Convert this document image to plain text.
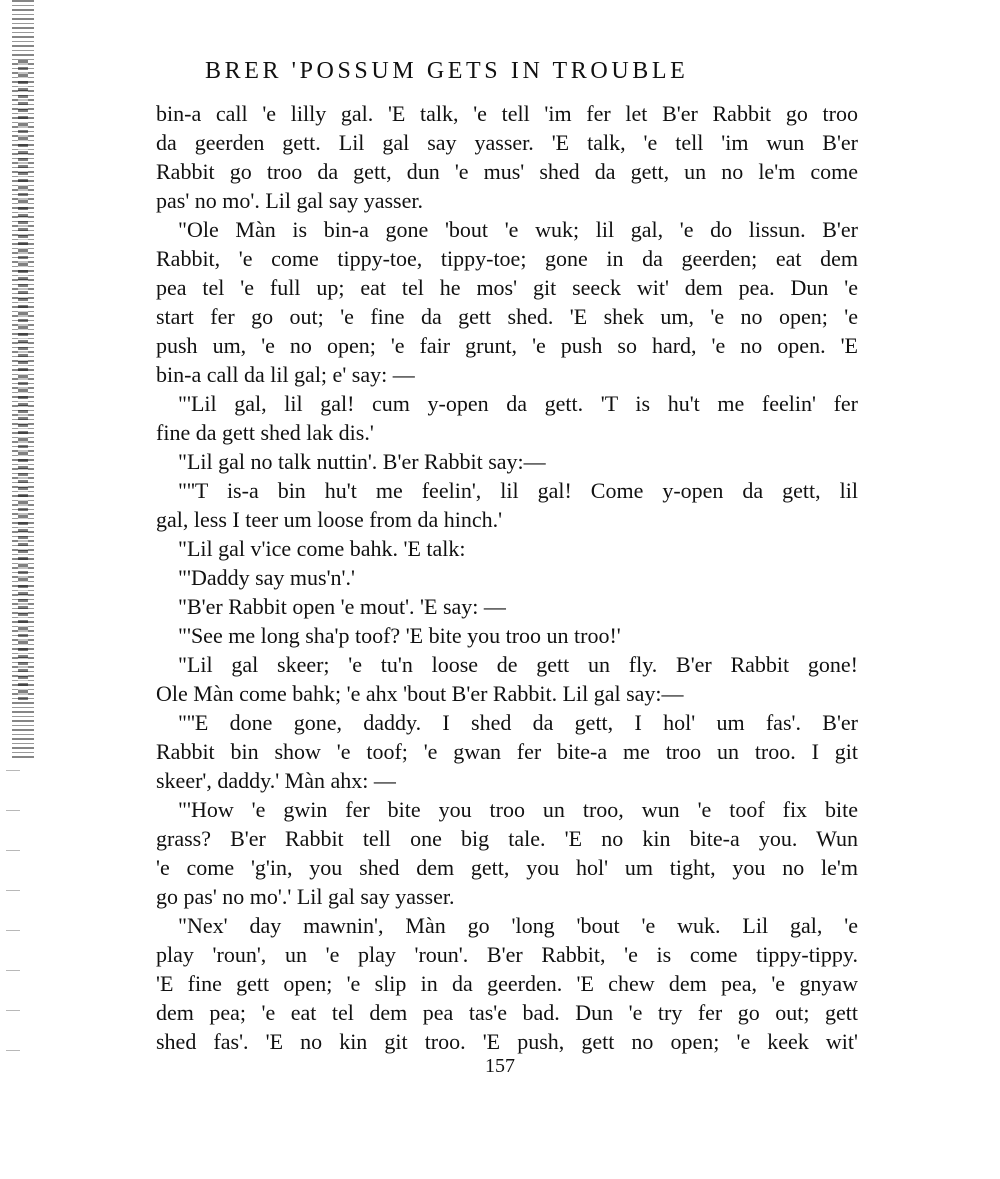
BRER 'POSSUM GETS IN TROUBLE
bin-a call 'e lilly gal. 'E talk, 'e tell 'im fer let B'er Rabbit go troo
da geerden gett. Lil gal say yasser. 'E talk, 'e tell 'im wun B'er
Rabbit go troo da gett, dun 'e mus' shed da gett, un no le'm come
pas' no mo'. Lil gal say yasser.
"Ole Màn is bin-a gone 'bout 'e wuk; lil gal, 'e do lissun. B'er
Rabbit, 'e come tippy-toe, tippy-toe; gone in da geerden; eat dem
pea tel 'e full up; eat tel he mos' git seeck wit' dem pea. Dun 'e
start fer go out; 'e fine da gett shed. 'E shek um, 'e no open; 'e
push um, 'e no open; 'e fair grunt, 'e push so hard, 'e no open. 'E
bin-a call da lil gal; e' say: —
"'Lil gal, lil gal! cum y-open da gett. 'T is hu't me feelin' fer
fine da gett shed lak dis.'
"Lil gal no talk nuttin'. B'er Rabbit say:—
"''T is-a bin hu't me feelin', lil gal! Come y-open da gett, lil
gal, less I teer um loose from da hinch.'
"Lil gal v'ice come bahk. 'E talk:
"'Daddy say mus'n'.'
"B'er Rabbit open 'e mout'. 'E say: —
"'See me long sha'p toof? 'E bite you troo un troo!'
"Lil gal skeer; 'e tu'n loose de gett un fly. B'er Rabbit gone!
Ole Màn come bahk; 'e ahx 'bout B'er Rabbit. Lil gal say:—
"''E done gone, daddy. I shed da gett, I hol' um fas'. B'er
Rabbit bin show 'e toof; 'e gwan fer bite-a me troo un troo. I git
skeer', daddy.' Màn ahx: —
"'How 'e gwin fer bite you troo un troo, wun 'e toof fix bite
grass? B'er Rabbit tell one big tale. 'E no kin bite-a you. Wun
'e come 'g'in, you shed dem gett, you hol' um tight, you no le'm
go pas' no mo'.' Lil gal say yasser.
"Nex' day mawnin', Màn go 'long 'bout 'e wuk. Lil gal, 'e
play 'roun', un 'e play 'roun'. B'er Rabbit, 'e is come tippy-tippy.
'E fine gett open; 'e slip in da geerden. 'E chew dem pea, 'e gnyaw
dem pea; 'e eat tel dem pea tas'e bad. Dun 'e try fer go out; gett
shed fas'. 'E no kin git troo. 'E push, gett no open; 'e keek wit'
157
